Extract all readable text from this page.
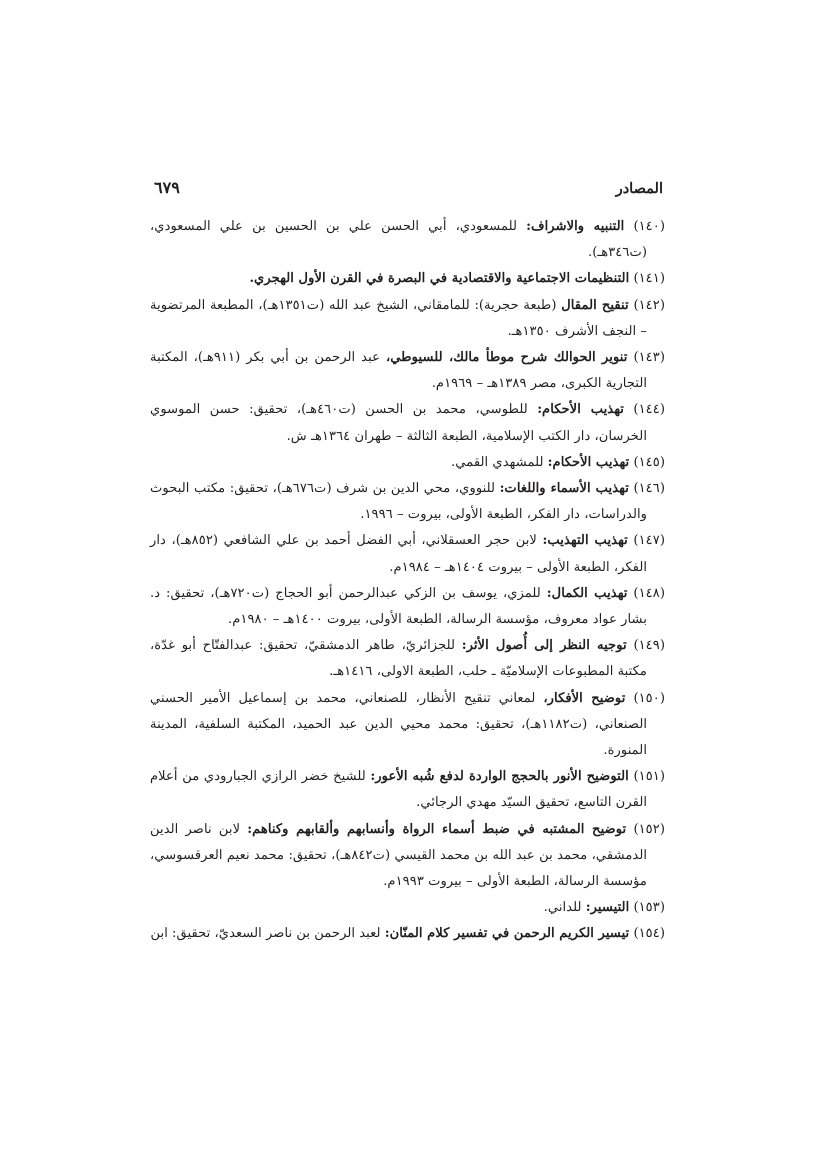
المصادر
٦٧٩
(١٤٠) التنبيه والاشراف: للمسعودي، أبي الحسن علي بن الحسين بن علي المسعودي، (ت٣٤٦هـ).
(١٤١) التنظيمات الاجتماعية والاقتصادية في البصرة في القرن الأول الهجري.
(١٤٢) تنقيح المقال (طبعة حجرية): للمامقاني، الشيخ عبد الله (ت١٣٥١هـ)، المطبعة المرتضوية – النجف الأشرف ١٣٥٠هـ.
(١٤٣) تنوير الحوالك شرح موطأ مالك، للسيوطي، عبد الرحمن بن أبي بكر (٩١١هـ)، المكتبة التجارية الكبرى، مصر ١٣٨٩هـ – ١٩٦٩م.
(١٤٤) تهذيب الأحكام: للطوسي، محمد بن الحسن (ت٤٦٠هـ)، تحقيق: حسن الموسوي الخرسان، دار الكتب الإسلامية، الطبعة الثالثة – طهران ١٣٦٤هـ ش.
(١٤٥) تهذيب الأحكام: للمشهدي القمي.
(١٤٦) تهذيب الأسماء واللغات: للنووي، محي الدين بن شرف (ت٦٧٦هـ)، تحقيق: مكتب البحوث والدراسات، دار الفكر، الطبعة الأولى، بيروت – ١٩٩٦.
(١٤٧) تهذيب التهذيب: لابن حجر العسقلاني، أبي الفضل أحمد بن علي الشافعي (٨٥٢هـ)، دار الفكر، الطبعة الأولى – بيروت ١٤٠٤هـ – ١٩٨٤م.
(١٤٨) تهذيب الكمال: للمزي، يوسف بن الزكي عبدالرحمن أبو الحجاج (ت٧٢٠هـ)، تحقيق: د. بشار عواد معروف، مؤسسة الرسالة، الطبعة الأولى، بيروت ١٤٠٠هـ – ١٩٨٠م.
(١٤٩) توجيه النظر إلى أُصول الأثر: للجزائريّ، طاهر الدمشقيّ، تحقيق: عبدالفتّاح أبو غدّة، مكتبة المطبوعات الإسلاميّة ـ حلب، الطبعة الاولى، ١٤١٦هـ.
(١٥٠) توضيح الأفكار، لمعاني تنقيح الأنظار، للصنعاني، محمد بن إسماعيل الأمير الحسني الصنعاني، (ت١١٨٢هـ)، تحقيق: محمد محيي الدين عبد الحميد، المكتبة السلفية، المدينة المنورة.
(١٥١) التوضيح الأنور بالحجج الواردة لدفع شُبه الأعور: للشيخ خضر الرازي الجبارودي من أعلام القرن التاسع، تحقيق السيّد مهدي الرجائي.
(١٥٢) توضيح المشتبه في ضبط أسماء الرواة وأنسابهم وألقابهم وكناهم: لابن ناصر الدين الدمشقي، محمد بن عبد الله بن محمد القيسي (ت٨٤٢هـ)، تحقيق: محمد نعيم العرقسوسي، مؤسسة الرسالة، الطبعة الأولى – بيروت ١٩٩٣م.
(١٥٣) التيسير: للداني.
(١٥٤) تيسير الكريم الرحمن في تفسير كلام المنّان: لعبد الرحمن بن ناصر السعديّ، تحقيق: ابن
